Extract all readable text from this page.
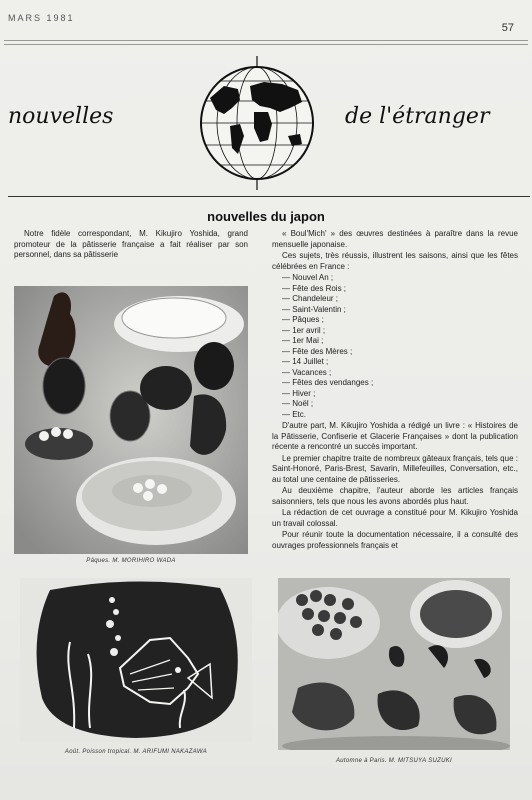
MARS 1981
57
nouvelles	de l'étranger
nouvelles du japon

Notre fidèle correspondant, M. Kikujiro Yoshida, grand promoteur de la pâtisserie française a fait réaliser par son personnel, dans sa pâtisserie

« Boul'Mich' » des œuvres destinées à paraître dans la revue mensuelle japonaise.

Ces sujets, très réussis, illustrent les saisons, ainsi que les fêtes célébrées en France :

— Nouvel An ;
— Fête des Rois ;
— Chandeleur ;
— Saint-Valentin ;
— Pâques ;
— 1er avril ;
— 1er Mai ;
— Fête des Mères ;
— 14 Juillet ;
— Vacances ;
— Fêtes des vendanges ;
— Hiver ;
— Noël ;
— Etc.

D'autre part, M. Kikujiro Yoshida a rédigé un livre : « Histoires de la Pâtisserie, Confiserie et Glacerie Françaises » dont la publication récente a rencontré un succès important.

Le premier chapitre traite de nombreux gâteaux français, tels que : Saint-Honoré, Paris-Brest, Savarin, Millefeuilles, Conversation, etc., au total une centaine de pâtisseries.

Au deuxième chapitre, l'auteur aborde les articles français saisonniers, tels que nous les avons abordés plus haut.

La rédaction de cet ouvrage a constitué pour M. Kikujiro Yoshida un travail colossal.

Pour réunir toute la documentation nécessaire, il a consulté des ouvrages professionnels français et

Pâques. M. MORIHIRO WADA
Août. Poisson tropical. M. ARIFUMI NAKAZAWA
Automne à Paris. M. MITSUYA SUZUKI
